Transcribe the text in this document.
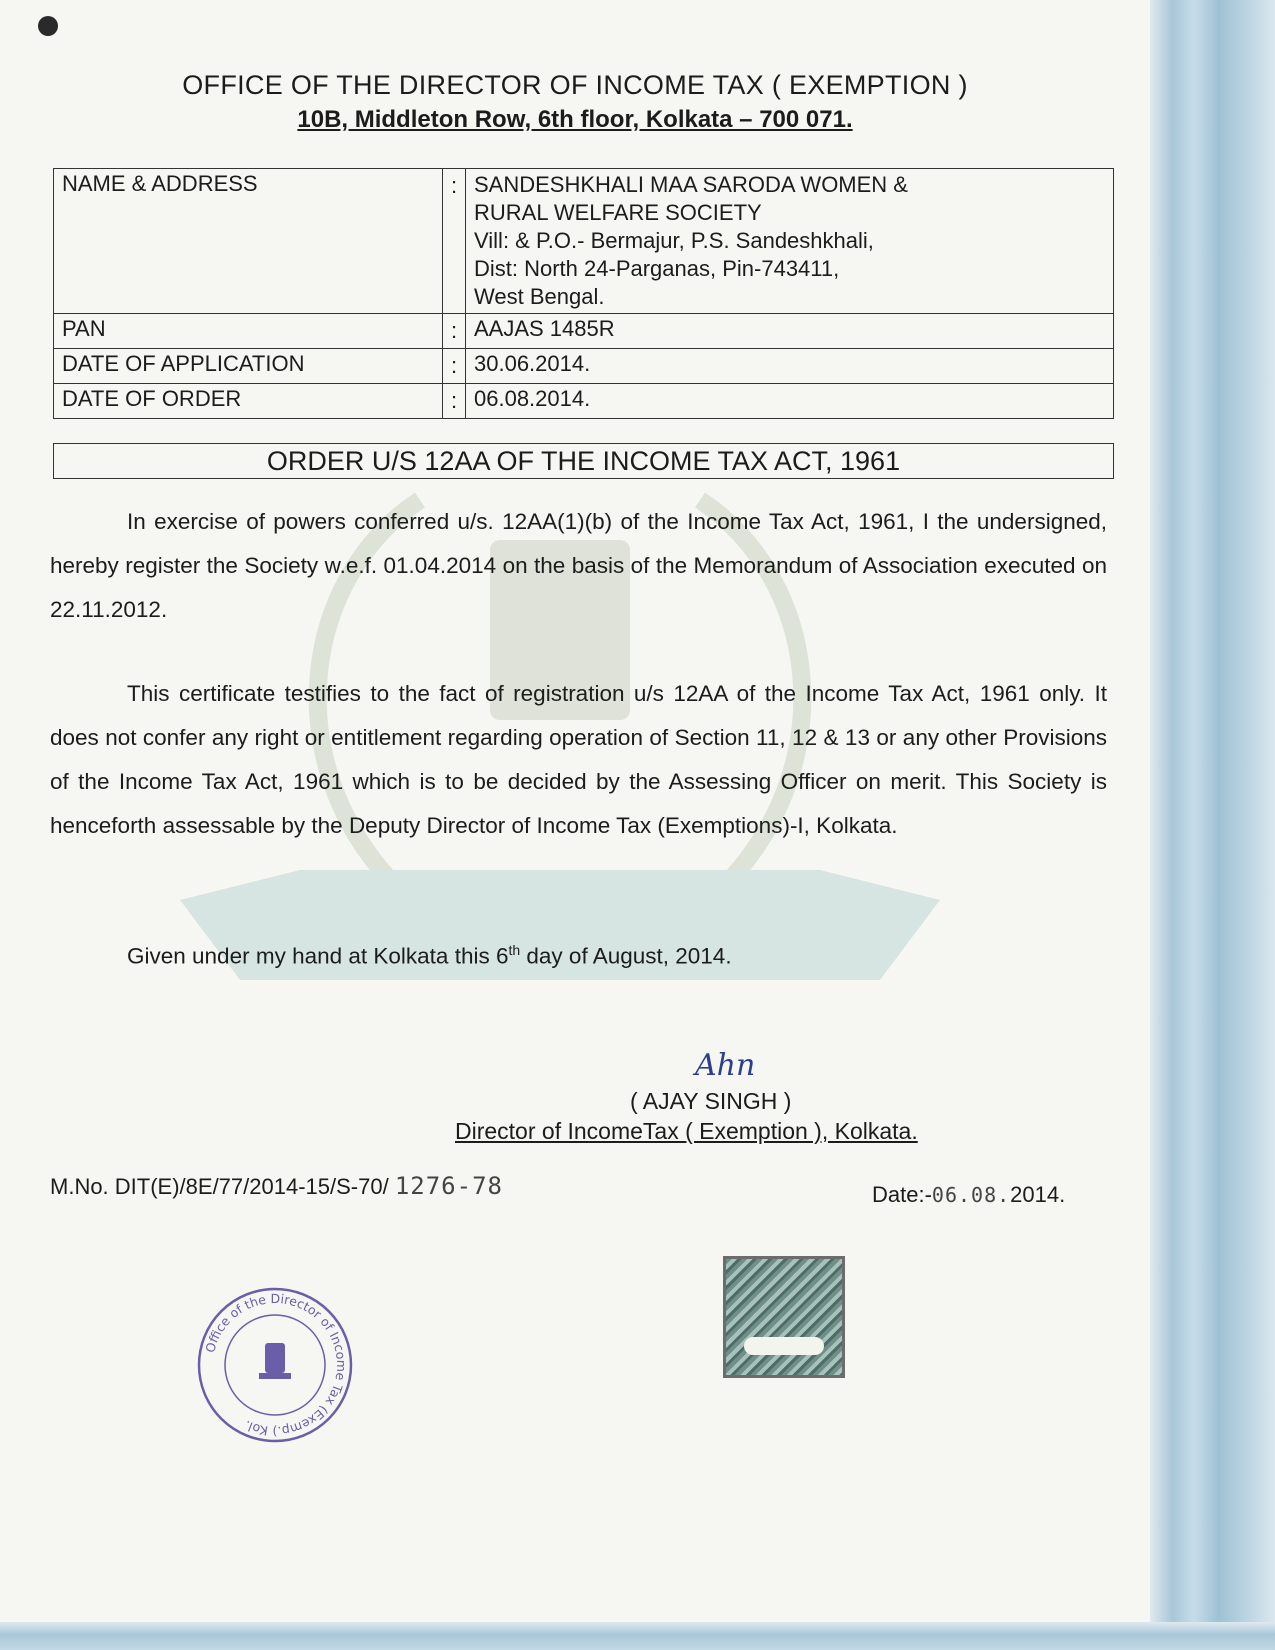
OFFICE OF THE DIRECTOR OF INCOME TAX ( EXEMPTION )
10B, Middleton Row, 6th floor, Kolkata – 700 071.
NAME & ADDRESS	:	SANDESHKHALI MAA SARODA WOMEN &
RURAL WELFARE SOCIETY
Vill: & P.O.- Bermajur, P.S. Sandeshkhali,
Dist: North 24-Parganas, Pin-743411,
West Bengal.

PAN	:	AAJAS 1485R
DATE OF APPLICATION	:	30.06.2014.
DATE OF ORDER	:	06.08.2014.
ORDER U/S 12AA OF THE INCOME TAX ACT, 1961

In exercise of powers conferred u/s. 12AA(1)(b) of the Income Tax Act, 1961, I the undersigned, hereby register the Society w.e.f. 01.04.2014 on the basis of the Memorandum of Association executed on 22.11.2012.

This certificate testifies to the fact of registration u/s 12AA of the Income Tax Act, 1961 only. It does not confer any right or entitlement regarding operation of Section 11, 12 & 13 or any other Provisions of the Income Tax Act, 1961 which is to be decided by the Assessing Officer on merit. This Society is henceforth assessable by the Deputy Director of Income Tax (Exemptions)-I, Kolkata.

Given under my hand at Kolkata this 6th day of August, 2014.

Ahn
( AJAY SINGH )
Director of IncomeTax ( Exemption ), Kolkata.
M.No. DIT(E)/8E/77/2014-15/S-70/ 1276-78	Date:-06.08.2014.
Office of the Director of Income Tax (Exemp.) Kol.
